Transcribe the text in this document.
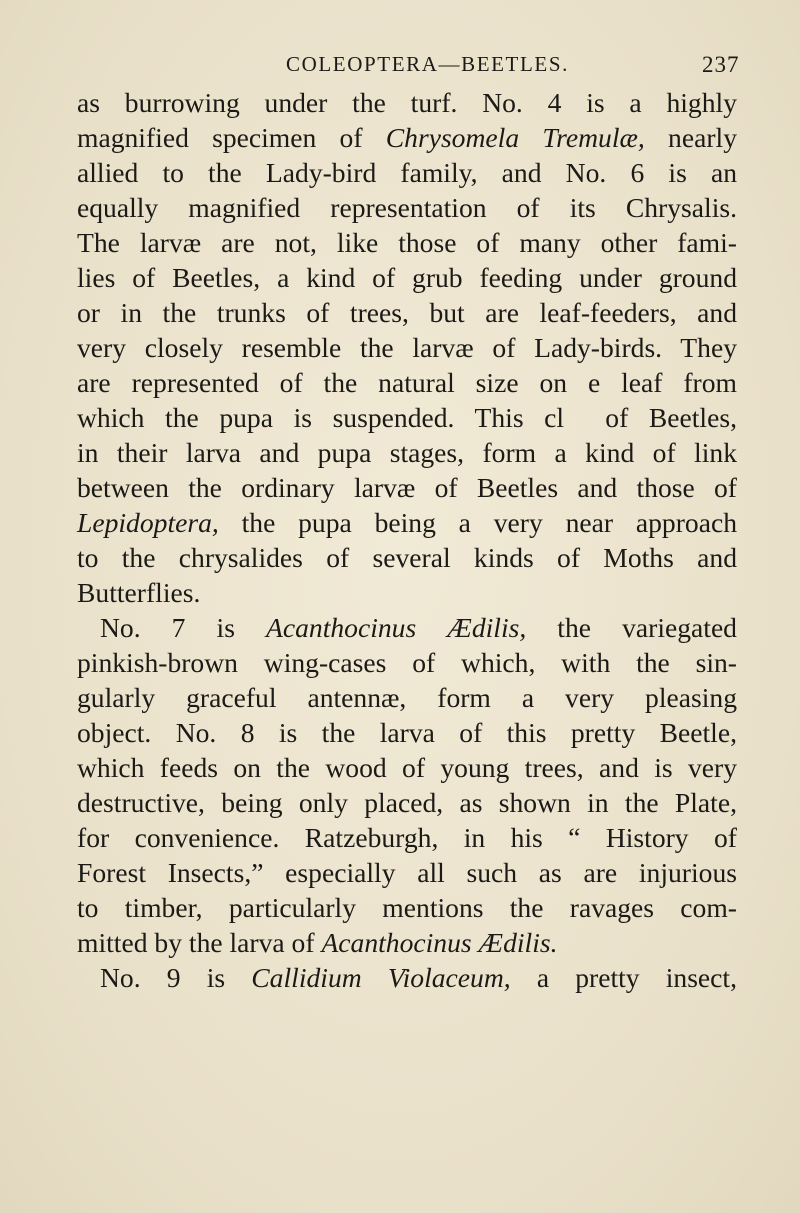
COLEOPTERA—BEETLES.	237
as burrowing under the turf. No. 4 is a highly
magnified specimen of Chrysomela Tremulæ, nearly
allied to the Lady-bird family, and No. 6 is an
equally magnified representation of its Chrysalis.
The larvæ are not, like those of many other fami-
lies of Beetles, a kind of grub feeding under ground
or in the trunks of trees, but are leaf-feeders, and
very closely resemble the larvæ of Lady-birds. They
are represented of the natural size on e leaf from
which the pupa is suspended. This cl  of Beetles,
in their larva and pupa stages, form a kind of link
between the ordinary larvæ of Beetles and those of
Lepidoptera, the pupa being a very near approach
to the chrysalides of several kinds of Moths and
Butterflies.
No. 7 is Acanthocinus Ædilis, the variegated
pinkish-brown wing-cases of which, with the sin-
gularly graceful antennæ, form a very pleasing
object. No. 8 is the larva of this pretty Beetle,
which feeds on the wood of young trees, and is very
destructive, being only placed, as shown in the Plate,
for convenience. Ratzeburgh, in his “ History of
Forest Insects,” especially all such as are injurious
to timber, particularly mentions the ravages com-
mitted by the larva of Acanthocinus Ædilis.
No. 9 is Callidium Violaceum, a pretty insect,
